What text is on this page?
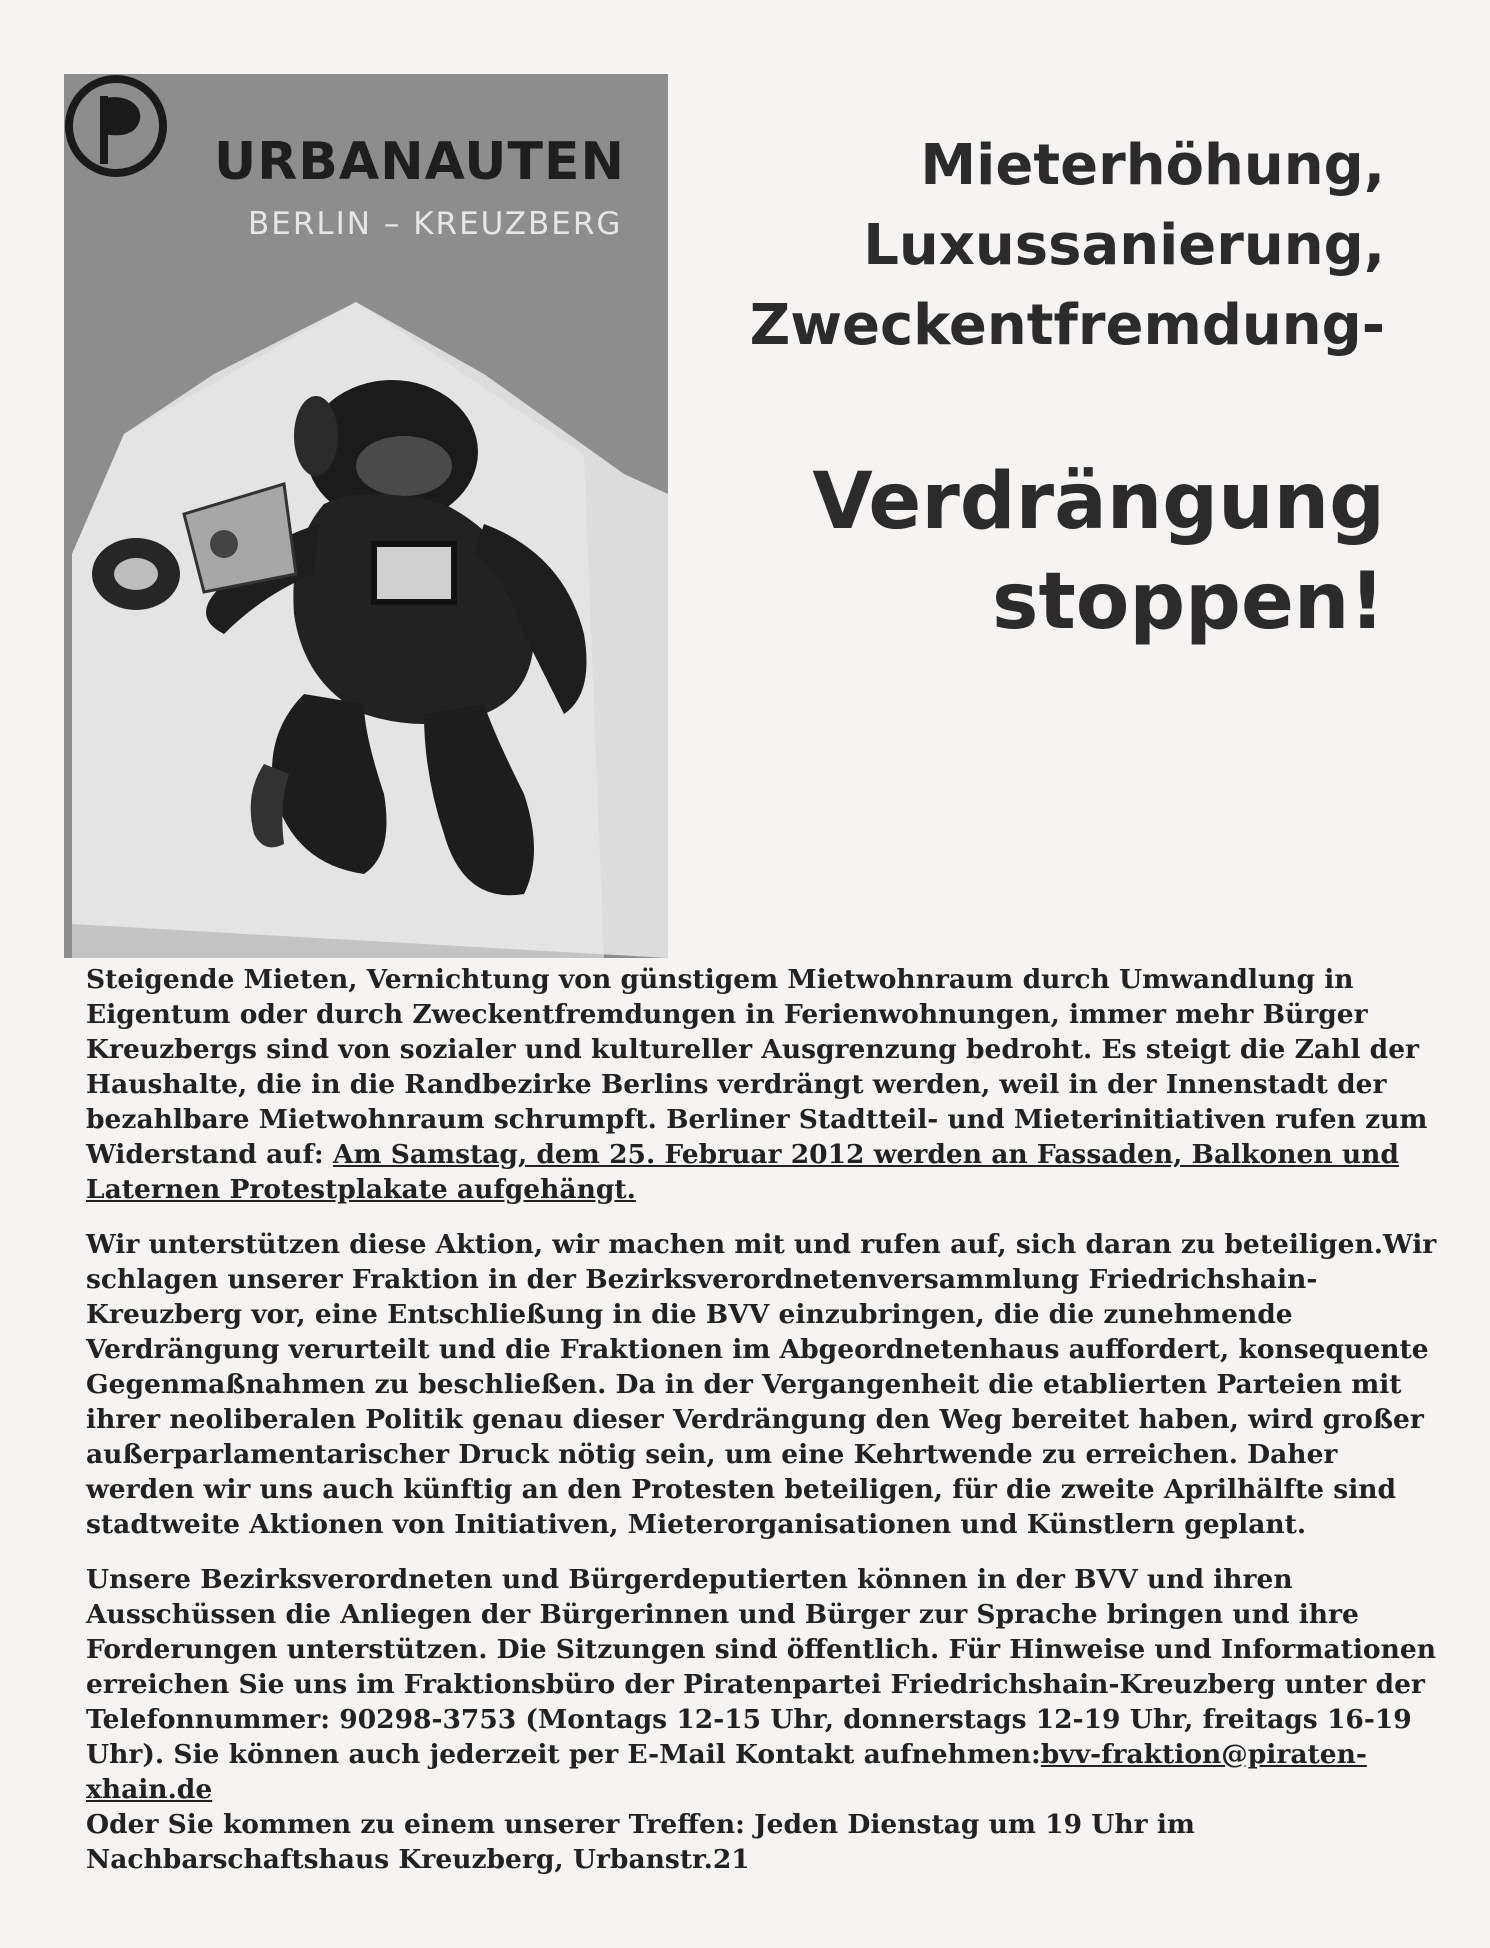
URBANAUTEN
BERLIN – KREUZBERG
Mieterhöhung,
Luxussanierung,
Zweckentfremdung-
Verdrängung
stoppen!

Steigende Mieten, Vernichtung von günstigem Mietwohnraum durch Umwandlung in Eigentum oder durch Zweckentfremdungen in Ferienwohnungen, immer mehr Bürger Kreuzbergs sind von sozialer und kultureller Ausgrenzung bedroht. Es steigt die Zahl der Haushalte, die in die Randbezirke Berlins verdrängt werden, weil in der Innenstadt der bezahlbare Mietwohnraum schrumpft. Berliner Stadtteil- und Mieterinitiativen rufen zum Widerstand auf: Am Samstag, dem 25. Februar 2012 werden an Fassaden, Balkonen und Laternen Protestplakate aufgehängt.

Wir unterstützen diese Aktion, wir machen mit und rufen auf, sich daran zu beteiligen.Wir schlagen unserer Fraktion in der Bezirksverordnetenversammlung Friedrichshain-Kreuzberg vor, eine Entschließung in die BVV einzubringen, die die zunehmende Verdrängung verurteilt und die Fraktionen im Abgeordnetenhaus auffordert, konsequente Gegenmaßnahmen zu beschließen. Da in der Vergangenheit die etablierten Parteien mit ihrer neoliberalen Politik genau dieser Verdrängung den Weg bereitet haben, wird großer außerparlamentarischer Druck nötig sein, um eine Kehrtwende zu erreichen. Daher werden wir uns auch künftig an den Protesten beteiligen, für die zweite Aprilhälfte sind stadtweite Aktionen von Initiativen, Mieterorganisationen und Künstlern geplant.

Unsere Bezirksverordneten und Bürgerdeputierten können in der BVV und ihren Ausschüssen die Anliegen der Bürgerinnen und Bürger zur Sprache bringen und ihre Forderungen unterstützen. Die Sitzungen sind öffentlich. Für Hinweise und Informationen erreichen Sie uns im Fraktionsbüro der Piratenpartei Friedrichshain-Kreuzberg unter der Telefonnummer: 90298-3753 (Montags 12-15 Uhr, donnerstags 12-19 Uhr, freitags 16-19 Uhr). Sie können auch jederzeit per E-Mail Kontakt aufnehmen:bvv-fraktion@piraten-xhain.de
Oder Sie kommen zu einem unserer Treffen: Jeden Dienstag um 19 Uhr im Nachbarschaftshaus Kreuzberg, Urbanstr.21
